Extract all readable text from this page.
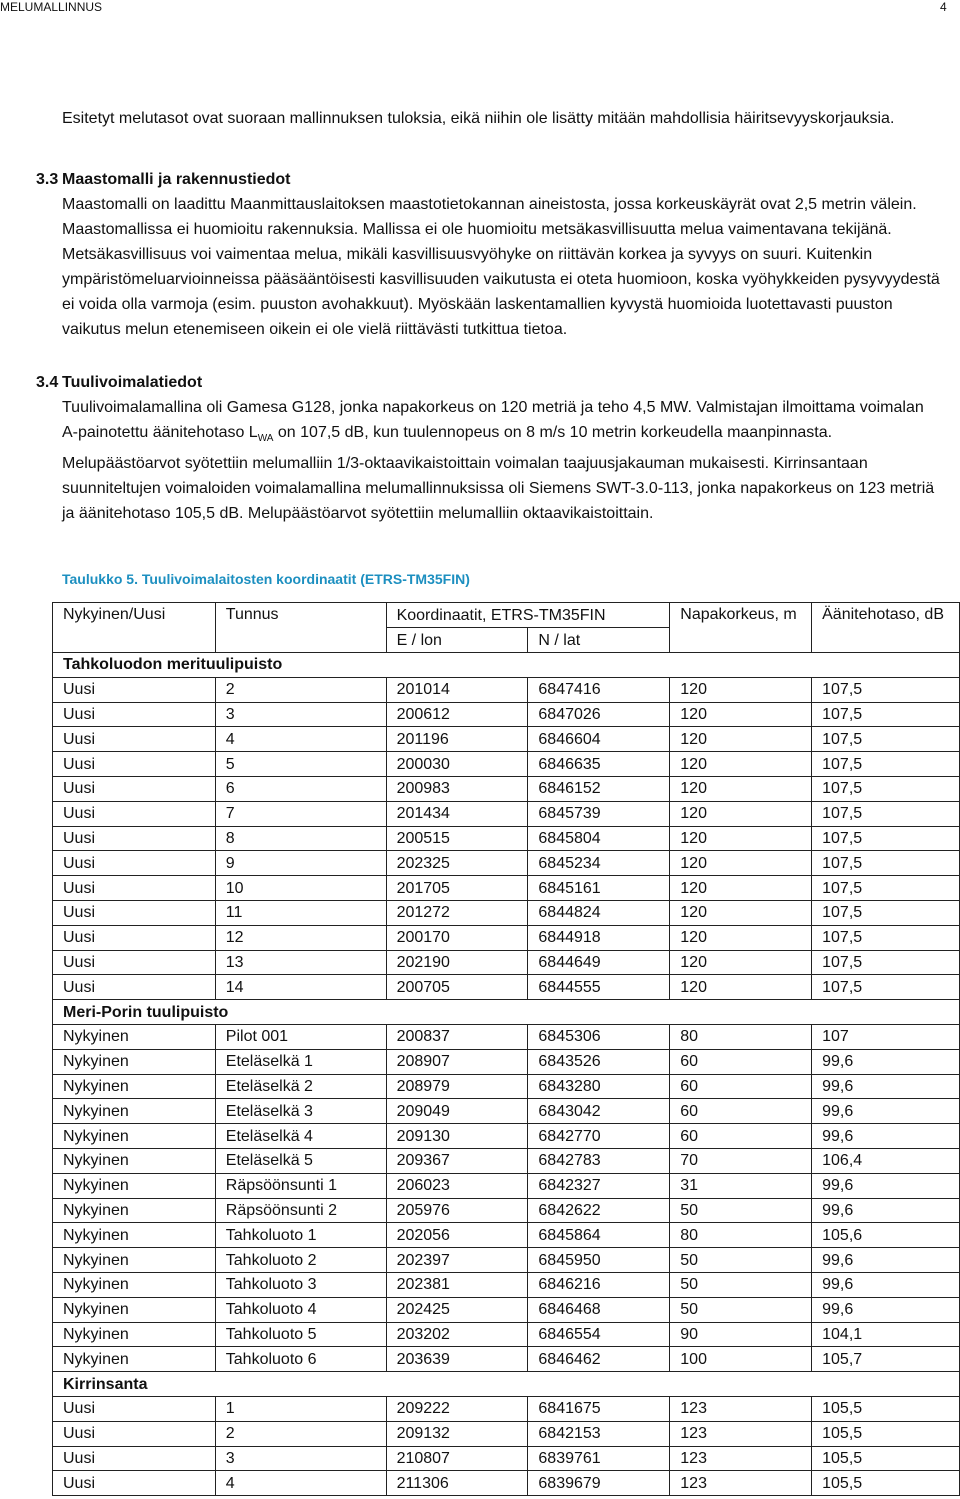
MELUMALLINNUS	4

Esitetyt melutasot ovat suoraan mallinnuksen tuloksia, eikä niihin ole lisätty mitään mahdollisia häiritsevyyskorjauksia.

3.3 Maastomalli ja rakennustiedot

Maastomalli on laadittu Maanmittauslaitoksen maastotietokannan aineistosta, jossa korkeuskäyrät ovat 2,5 metrin välein. Maastomallissa ei huomioitu rakennuksia. Mallissa ei ole huomioitu metsäkasvillisuutta melua vaimentavana tekijänä. Metsäkasvillisuus voi vaimentaa melua, mikäli kasvillisuusvyöhyke on riittävän korkea ja syvyys on suuri. Kuitenkin ympäristömeluarvioinneissa pääsääntöisesti kasvillisuuden vaikutusta ei oteta huomioon, koska vyöhykkeiden pysyvyydestä ei voida olla varmoja (esim. puuston avohakkuut). Myöskään laskentamallien kyvystä huomioida luotettavasti puuston vaikutus melun etenemiseen oikein ei ole vielä riittävästi tutkittua tietoa.

3.4 Tuulivoimalatiedot

Tuulivoimalamallina oli Gamesa G128, jonka napakorkeus on 120 metriä ja teho 4,5 MW. Valmistajan ilmoittama voimalan A-painotettu äänitehotaso $L_{WA}$ on 107,5 dB, kun tuulennopeus on 8 m/s 10 metrin korkeudella maanpinnasta. Melupäästöarvot syötettiin melumalliin 1/3-oktaavikaistoittain voimalan taajuusjakauman mukaisesti. Kirrinsantaan suunniteltujen voimaloiden voimalamallina melumallinnuksissa oli Siemens SWT-3.0-113, jonka napakorkeus on 123 metriä ja äänitehotaso 105,5 dB. Melupäästöarvot syötettiin melumalliin oktaavikaistoittain.

Taulukko 5. Tuulivoimalaitosten koordinaatit (ETRS-TM35FIN)
Nykyinen/Uusi	Tunnus	Koordinaatit, ETRS-TM35FIN		Napakorkeus, m	Äänitehotaso, dB
		E / lon	N / lat		
Tahkoluodon merituulipuisto					
Uusi	2	201014	6847416	120	107,5
Uusi	3	200612	6847026	120	107,5
Uusi	4	201196	6846604	120	107,5
Uusi	5	200030	6846635	120	107,5
Uusi	6	200983	6846152	120	107,5
Uusi	7	201434	6845739	120	107,5
Uusi	8	200515	6845804	120	107,5
Uusi	9	202325	6845234	120	107,5
Uusi	10	201705	6845161	120	107,5
Uusi	11	201272	6844824	120	107,5
Uusi	12	200170	6844918	120	107,5
Uusi	13	202190	6844649	120	107,5
Uusi	14	200705	6844555	120	107,5
Meri-Porin tuulipuisto					
Nykyinen	Pilot 001	200837	6845306	80	107
Nykyinen	Eteläselkä 1	208907	6843526	60	99,6
Nykyinen	Eteläselkä 2	208979	6843280	60	99,6
Nykyinen	Eteläselkä 3	209049	6843042	60	99,6
Nykyinen	Eteläselkä 4	209130	6842770	60	99,6
Nykyinen	Eteläselkä 5	209367	6842783	70	106,4
Nykyinen	Räpsöönsunti 1	206023	6842327	31	99,6
Nykyinen	Räpsöönsunti 2	205976	6842622	50	99,6
Nykyinen	Tahkoluoto 1	202056	6845864	80	105,6
Nykyinen	Tahkoluoto 2	202397	6845950	50	99,6
Nykyinen	Tahkoluoto 3	202381	6846216	50	99,6
Nykyinen	Tahkoluoto 4	202425	6846468	50	99,6
Nykyinen	Tahkoluoto 5	203202	6846554	90	104,1
Nykyinen	Tahkoluoto 6	203639	6846462	100	105,7
Kirrinsanta					
Uusi	1	209222	6841675	123	105,5
Uusi	2	209132	6842153	123	105,5
Uusi	3	210807	6839761	123	105,5
Uusi	4	211306	6839679	123	105,5
